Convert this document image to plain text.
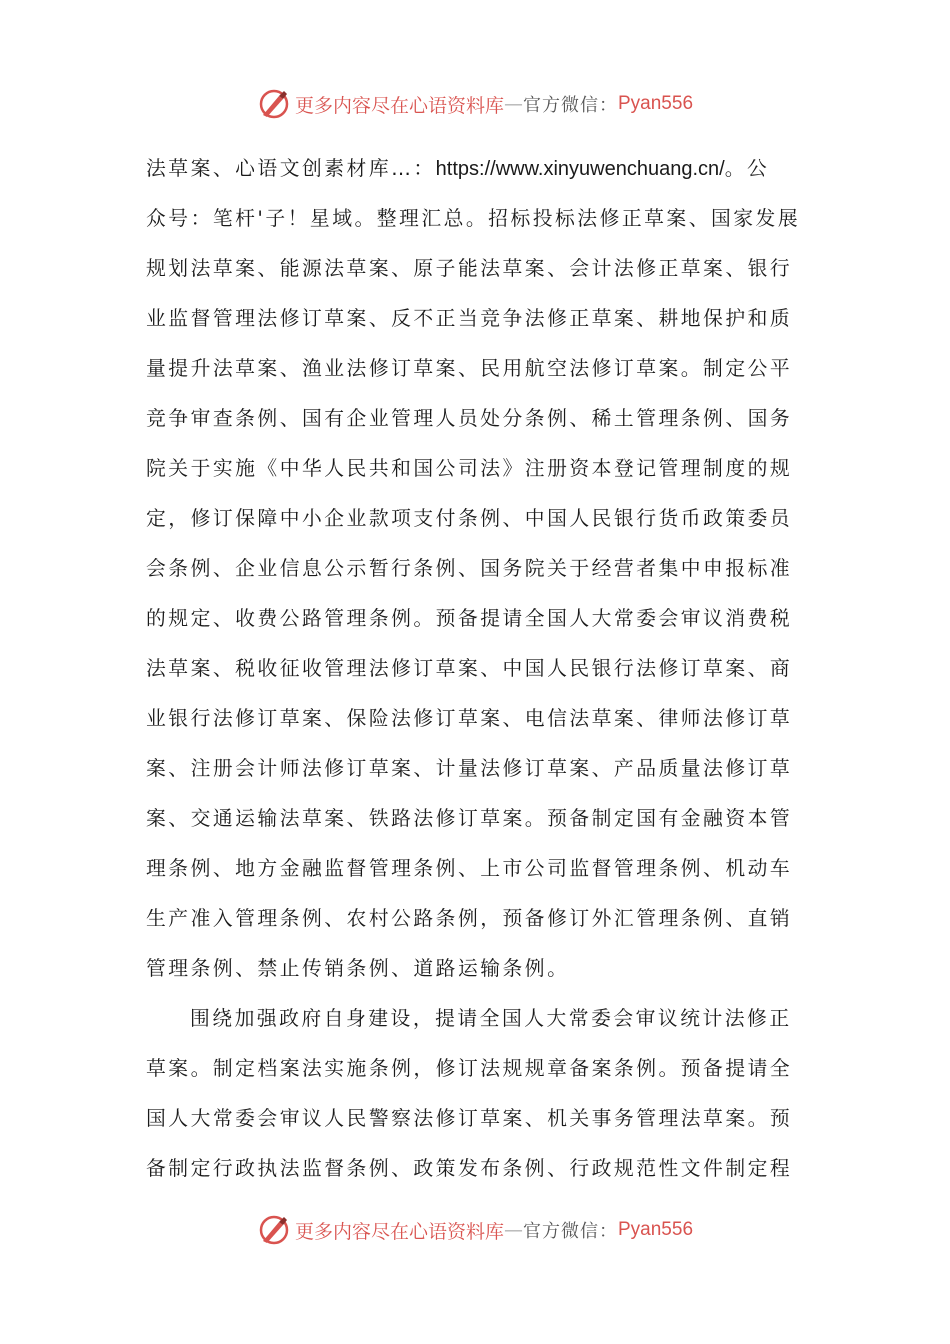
更多内容尽在心语资料库 — 官方微信： Pyan556
法草案、心语文创素材库…：https://www.xinyuwenchuang.cn/。公
众号：笔杆'子！星域。整理汇总。招标投标法修正草案、国家发展
规划法草案、能源法草案、原子能法草案、会计法修正草案、银行
业监督管理法修订草案、反不正当竞争法修正草案、耕地保护和质
量提升法草案、渔业法修订草案、民用航空法修订草案。制定公平
竞争审查条例、国有企业管理人员处分条例、稀土管理条例、国务
院关于实施《中华人民共和国公司法》注册资本登记管理制度的规
定，修订保障中小企业款项支付条例、中国人民银行货币政策委员
会条例、企业信息公示暂行条例、国务院关于经营者集中申报标准
的规定、收费公路管理条例。预备提请全国人大常委会审议消费税
法草案、税收征收管理法修订草案、中国人民银行法修订草案、商
业银行法修订草案、保险法修订草案、电信法草案、律师法修订草
案、注册会计师法修订草案、计量法修订草案、产品质量法修订草
案、交通运输法草案、铁路法修订草案。预备制定国有金融资本管
理条例、地方金融监督管理条例、上市公司监督管理条例、机动车
生产准入管理条例、农村公路条例，预备修订外汇管理条例、直销
管理条例、禁止传销条例、道路运输条例。
围绕加强政府自身建设，提请全国人大常委会审议统计法修正
草案。制定档案法实施条例，修订法规规章备案条例。预备提请全
国人大常委会审议人民警察法修订草案、机关事务管理法草案。预
备制定行政执法监督条例、政策发布条例、行政规范性文件制定程
更多内容尽在心语资料库 — 官方微信： Pyan556
